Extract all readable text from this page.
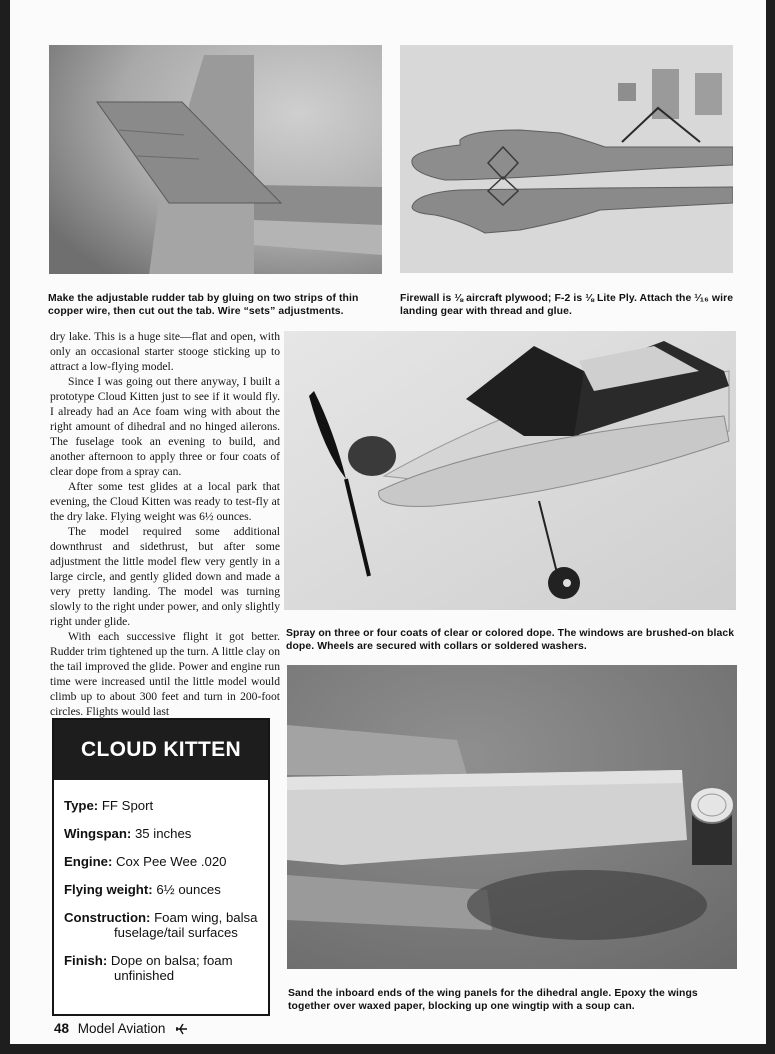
Make the adjustable rudder tab by gluing on two strips of thin copper wire, then cut out the tab. Wire “sets” adjustments.
Firewall is ⅛ aircraft plywood; F-2 is ⅛ Lite Ply. Attach the ¹⁄₁₆ wire landing gear with thread and glue.

dry lake. This is a huge site—flat and open, with only an occasional starter stooge sticking up to attract a low-flying model.

Since I was going out there anyway, I built a prototype Cloud Kitten just to see if it would fly. I already had an Ace foam wing with about the right amount of dihedral and no hinged ailerons. The fuselage took an evening to build, and another afternoon to apply three or four coats of clear dope from a spray can.

After some test glides at a local park that evening, the Cloud Kitten was ready to test-fly at the dry lake. Flying weight was 6½ ounces.

The model required some additional downthrust and sidethrust, but after some adjustment the little model flew very gently in a large circle, and gently glided down and made a very pretty landing. The model was turning slowly to the right under power, and only slightly right under glide.

With each successive flight it got better. Rudder trim tightened up the turn. A little clay on the tail improved the glide. Power and engine run time were increased until the little model would climb up to about 300 feet and turn in 200-foot circles. Flights would last

Spray on three or four coats of clear or colored dope. The windows are brushed-on black dope. Wheels are secured with collars or soldered washers.
CLOUD KITTEN
Type: FF Sport
Wingspan: 35 inches
Engine: Cox Pee Wee .020
Flying weight: 6½ ounces
Construction: Foam wing, balsa
fuselage/tail surfaces
Finish: Dope on balsa; foam
unfinished
Sand the inboard ends of the wing panels for the dihedral angle. Epoxy the wings together over waxed paper, blocking up one wingtip with a soup can.
48 Model Aviation
